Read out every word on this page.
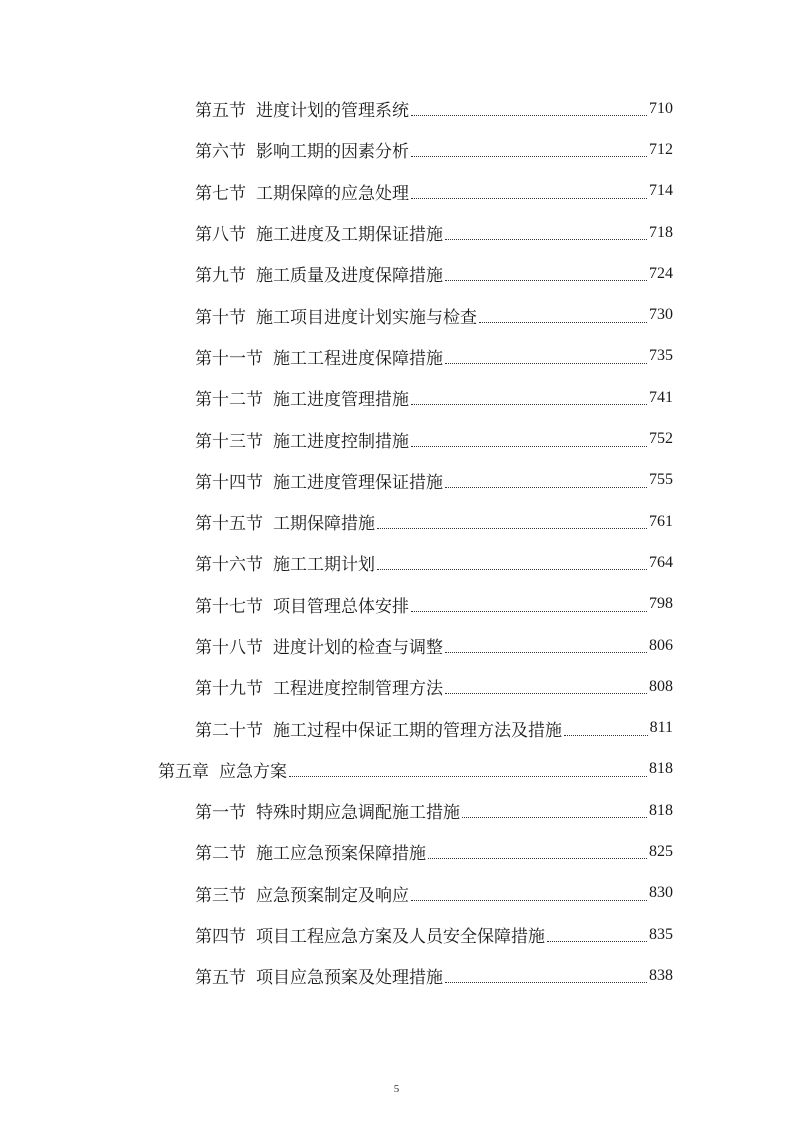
第五节 进度计划的管理系统	710
第六节 影响工期的因素分析	712
第七节 工期保障的应急处理	714
第八节 施工进度及工期保证措施	718
第九节 施工质量及进度保障措施	724
第十节 施工项目进度计划实施与检查	730
第十一节 施工工程进度保障措施	735
第十二节 施工进度管理措施	741
第十三节 施工进度控制措施	752
第十四节 施工进度管理保证措施	755
第十五节 工期保障措施	761
第十六节 施工工期计划	764
第十七节 项目管理总体安排	798
第十八节 进度计划的检查与调整	806
第十九节 工程进度控制管理方法	808
第二十节 施工过程中保证工期的管理方法及措施	811
第五章 应急方案	818
第一节 特殊时期应急调配施工措施	818
第二节 施工应急预案保障措施	825
第三节 应急预案制定及响应	830
第四节 项目工程应急方案及人员安全保障措施	835
第五节 项目应急预案及处理措施	838
5
